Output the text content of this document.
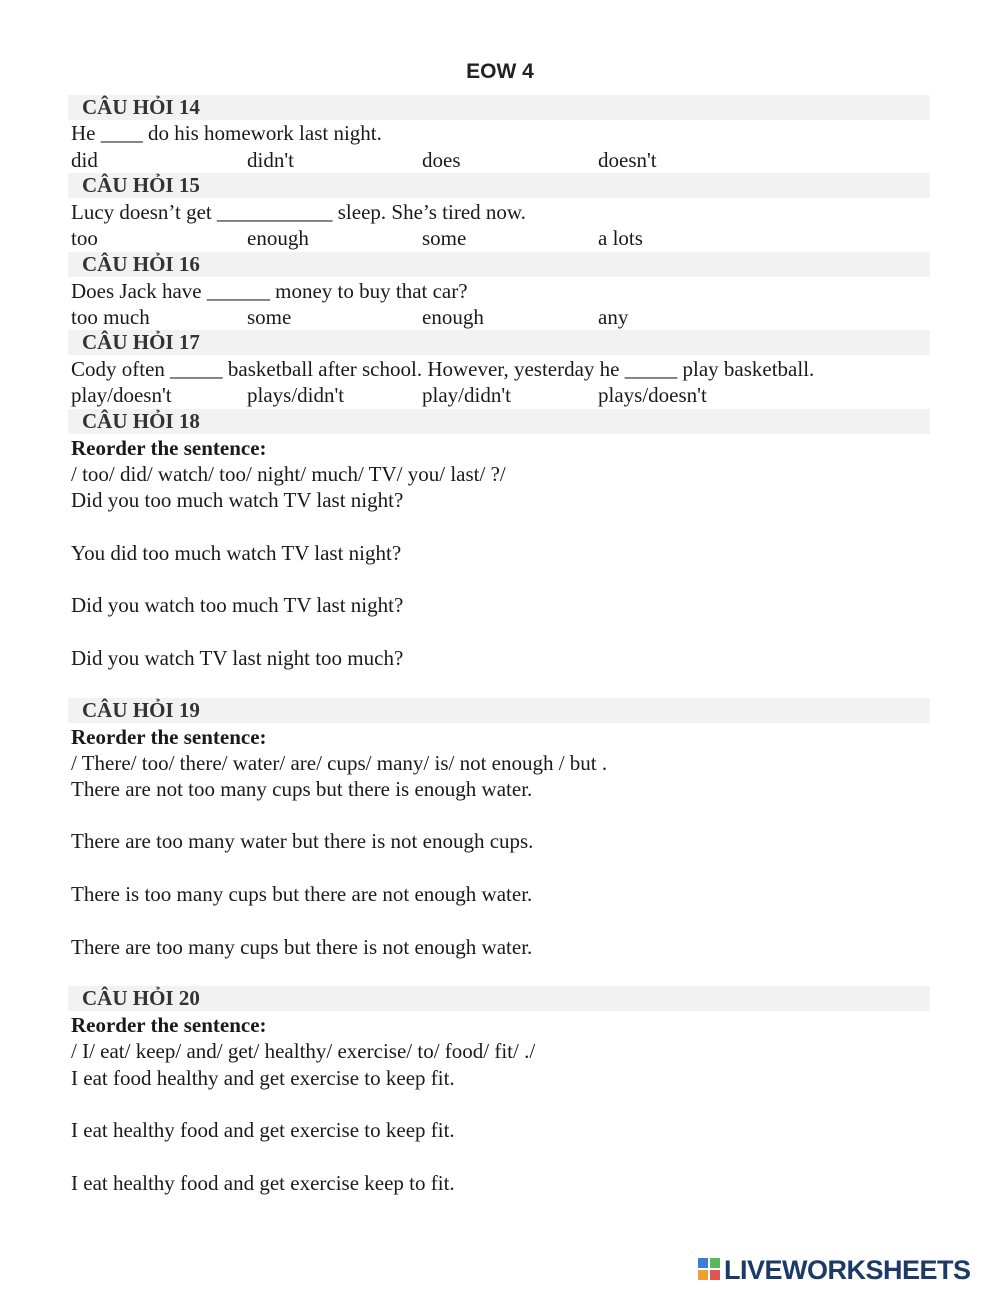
EOW 4
CÂU HỎI 14
He ____ do his homework last night.
did	didn't	does	doesn't
CÂU HỎI 15
Lucy doesn’t get ___________ sleep. She’s tired now.
too	enough	some	a lots
CÂU HỎI 16
Does Jack have ______ money to buy that car?
too much	some	enough	any
CÂU HỎI 17
Cody often _____ basketball after school. However, yesterday he _____ play basketball.
play/doesn't	plays/didn't	play/didn't	plays/doesn't
CÂU HỎI 18
Reorder the sentence:
/ too/ did/ watch/ too/ night/ much/ TV/ you/ last/ ?/
Did you too much watch TV last night?
You did too much watch TV last night?
Did you watch too much TV last night?
Did you watch TV last night too much?
CÂU HỎI 19
Reorder the sentence:
/ There/ too/ there/ water/ are/ cups/ many/ is/ not enough / but .
There are not too many cups but there is enough water.
There are too many water but there is not enough cups.
There is too many cups but there are not enough water.
There are too many cups but there is not enough water.
CÂU HỎI 20
Reorder the sentence:
/ I/ eat/ keep/ and/ get/ healthy/ exercise/ to/ food/ fit/ ./
I eat food healthy and get exercise to keep fit.
I eat healthy food and get exercise to keep fit.
I eat healthy food and get exercise keep to fit.
LIVEWORKSHEETS
